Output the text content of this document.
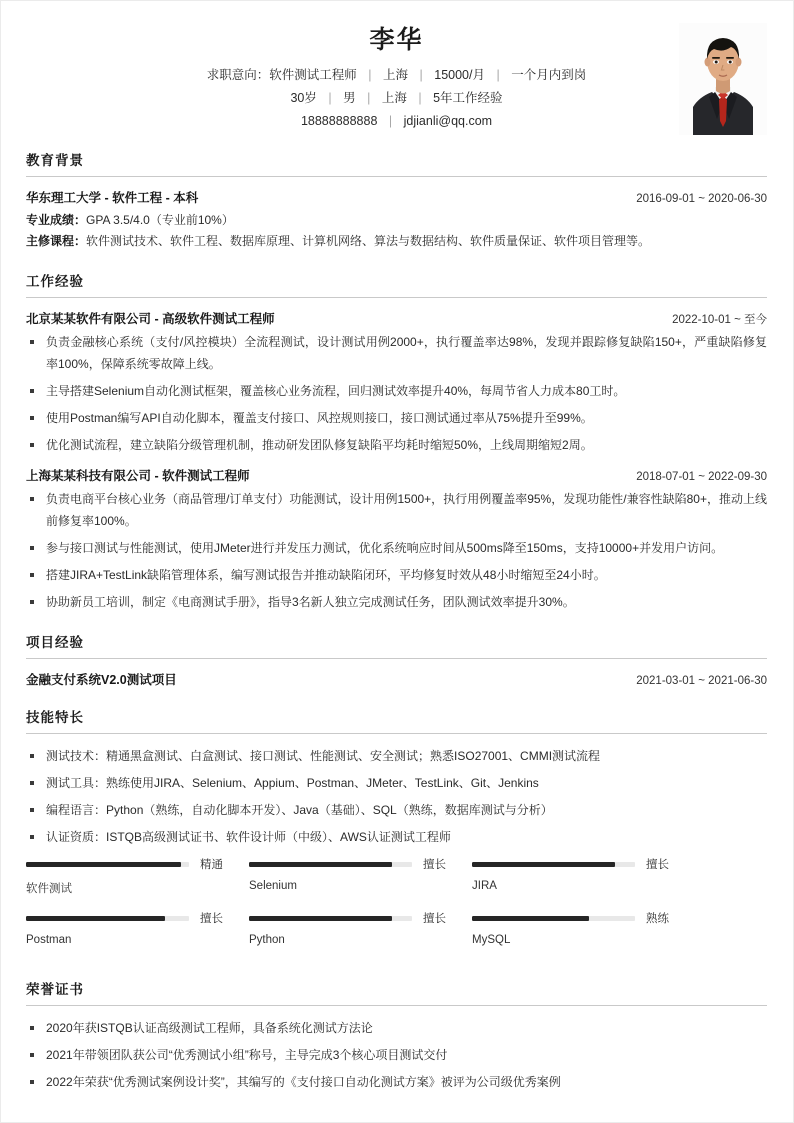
李华
求职意向：软件测试工程师 | 上海 | 15000/月 | 一个月内到岗
30岁 | 男 | 上海 | 5年工作经验
18888888888 | jdjianli@qq.com
教育背景
华东理工大学 - 软件工程 - 本科	2016-09-01 ~ 2020-06-30
专业成绩：GPA 3.5/4.0（专业前10%）
主修课程：软件测试技术、软件工程、数据库原理、计算机网络、算法与数据结构、软件质量保证、软件项目管理等。
工作经验
北京某某软件有限公司 - 高级软件测试工程师	2022-10-01 ~ 至今
负责金融核心系统（支付/风控模块）全流程测试，设计测试用例2000+，执行覆盖率达98%，发现并跟踪修复缺陷150+，严重缺陷修复率100%，保障系统零故障上线。
主导搭建Selenium自动化测试框架，覆盖核心业务流程，回归测试效率提升40%，每周节省人力成本80工时。
使用Postman编写API自动化脚本，覆盖支付接口、风控规则接口，接口测试通过率从75%提升至99%。
优化测试流程，建立缺陷分级管理机制，推动研发团队修复缺陷平均耗时缩短50%，上线周期缩短2周。
上海某某科技有限公司 - 软件测试工程师	2018-07-01 ~ 2022-09-30
负责电商平台核心业务（商品管理/订单支付）功能测试，设计用例1500+，执行用例覆盖率95%，发现功能性/兼容性缺陷80+，推动上线前修复率100%。
参与接口测试与性能测试，使用JMeter进行并发压力测试，优化系统响应时间从500ms降至150ms，支持10000+并发用户访问。
搭建JIRA+TestLink缺陷管理体系，编写测试报告并推动缺陷闭环，平均修复时效从48小时缩短至24小时。
协助新员工培训，制定《电商测试手册》，指导3名新人独立完成测试任务，团队测试效率提升30%。
项目经验
金融支付系统V2.0测试项目	2021-03-01 ~ 2021-06-30
技能特长
测试技术：精通黑盒测试、白盒测试、接口测试、性能测试、安全测试；熟悉ISO27001、CMMI测试流程
测试工具：熟练使用JIRA、Selenium、Appium、Postman、JMeter、TestLink、Git、Jenkins
编程语言：Python（熟练，自动化脚本开发）、Java（基础）、SQL（熟练，数据库测试与分析）
认证资质：ISTQB高级测试证书、软件设计师（中级）、AWS认证测试工程师
精通
软件测试
擅长
Selenium
擅长
JIRA
擅长
Postman
擅长
Python
熟练
MySQL
荣誉证书
2020年获ISTQB认证高级测试工程师，具备系统化测试方法论
2021年带领团队获公司“优秀测试小组”称号，主导完成3个核心项目测试交付
2022年荣获“优秀测试案例设计奖”，其编写的《支付接口自动化测试方案》被评为公司级优秀案例
